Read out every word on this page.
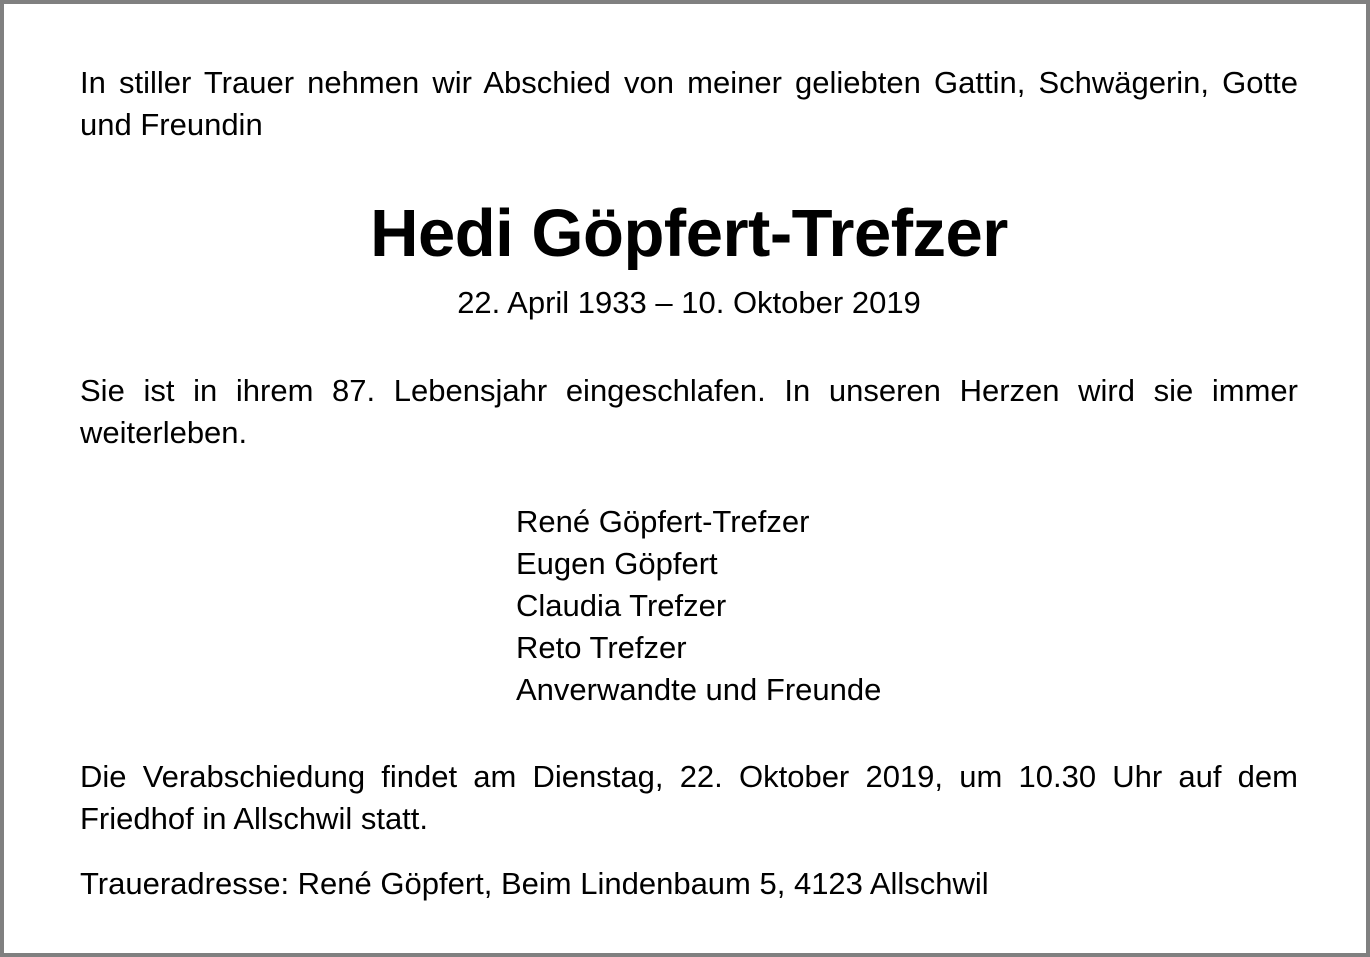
In stiller Trauer nehmen wir Abschied von meiner geliebten Gattin, Schwägerin, Gotte und Freundin

Hedi Göpfert-Trefzer

22. April 1933 – 10. Oktober 2019

Sie ist in ihrem 87. Lebensjahr eingeschlafen. In unseren Herzen wird sie immer weiterleben.

René Göpfert-Trefzer
Eugen Göpfert
Claudia Trefzer
Reto Trefzer
Anverwandte und Freunde

Die Verabschiedung findet am Dienstag, 22. Oktober 2019, um 10.30 Uhr auf dem Friedhof in Allschwil statt.

Traueradresse: René Göpfert, Beim Lindenbaum 5, 4123 Allschwil
